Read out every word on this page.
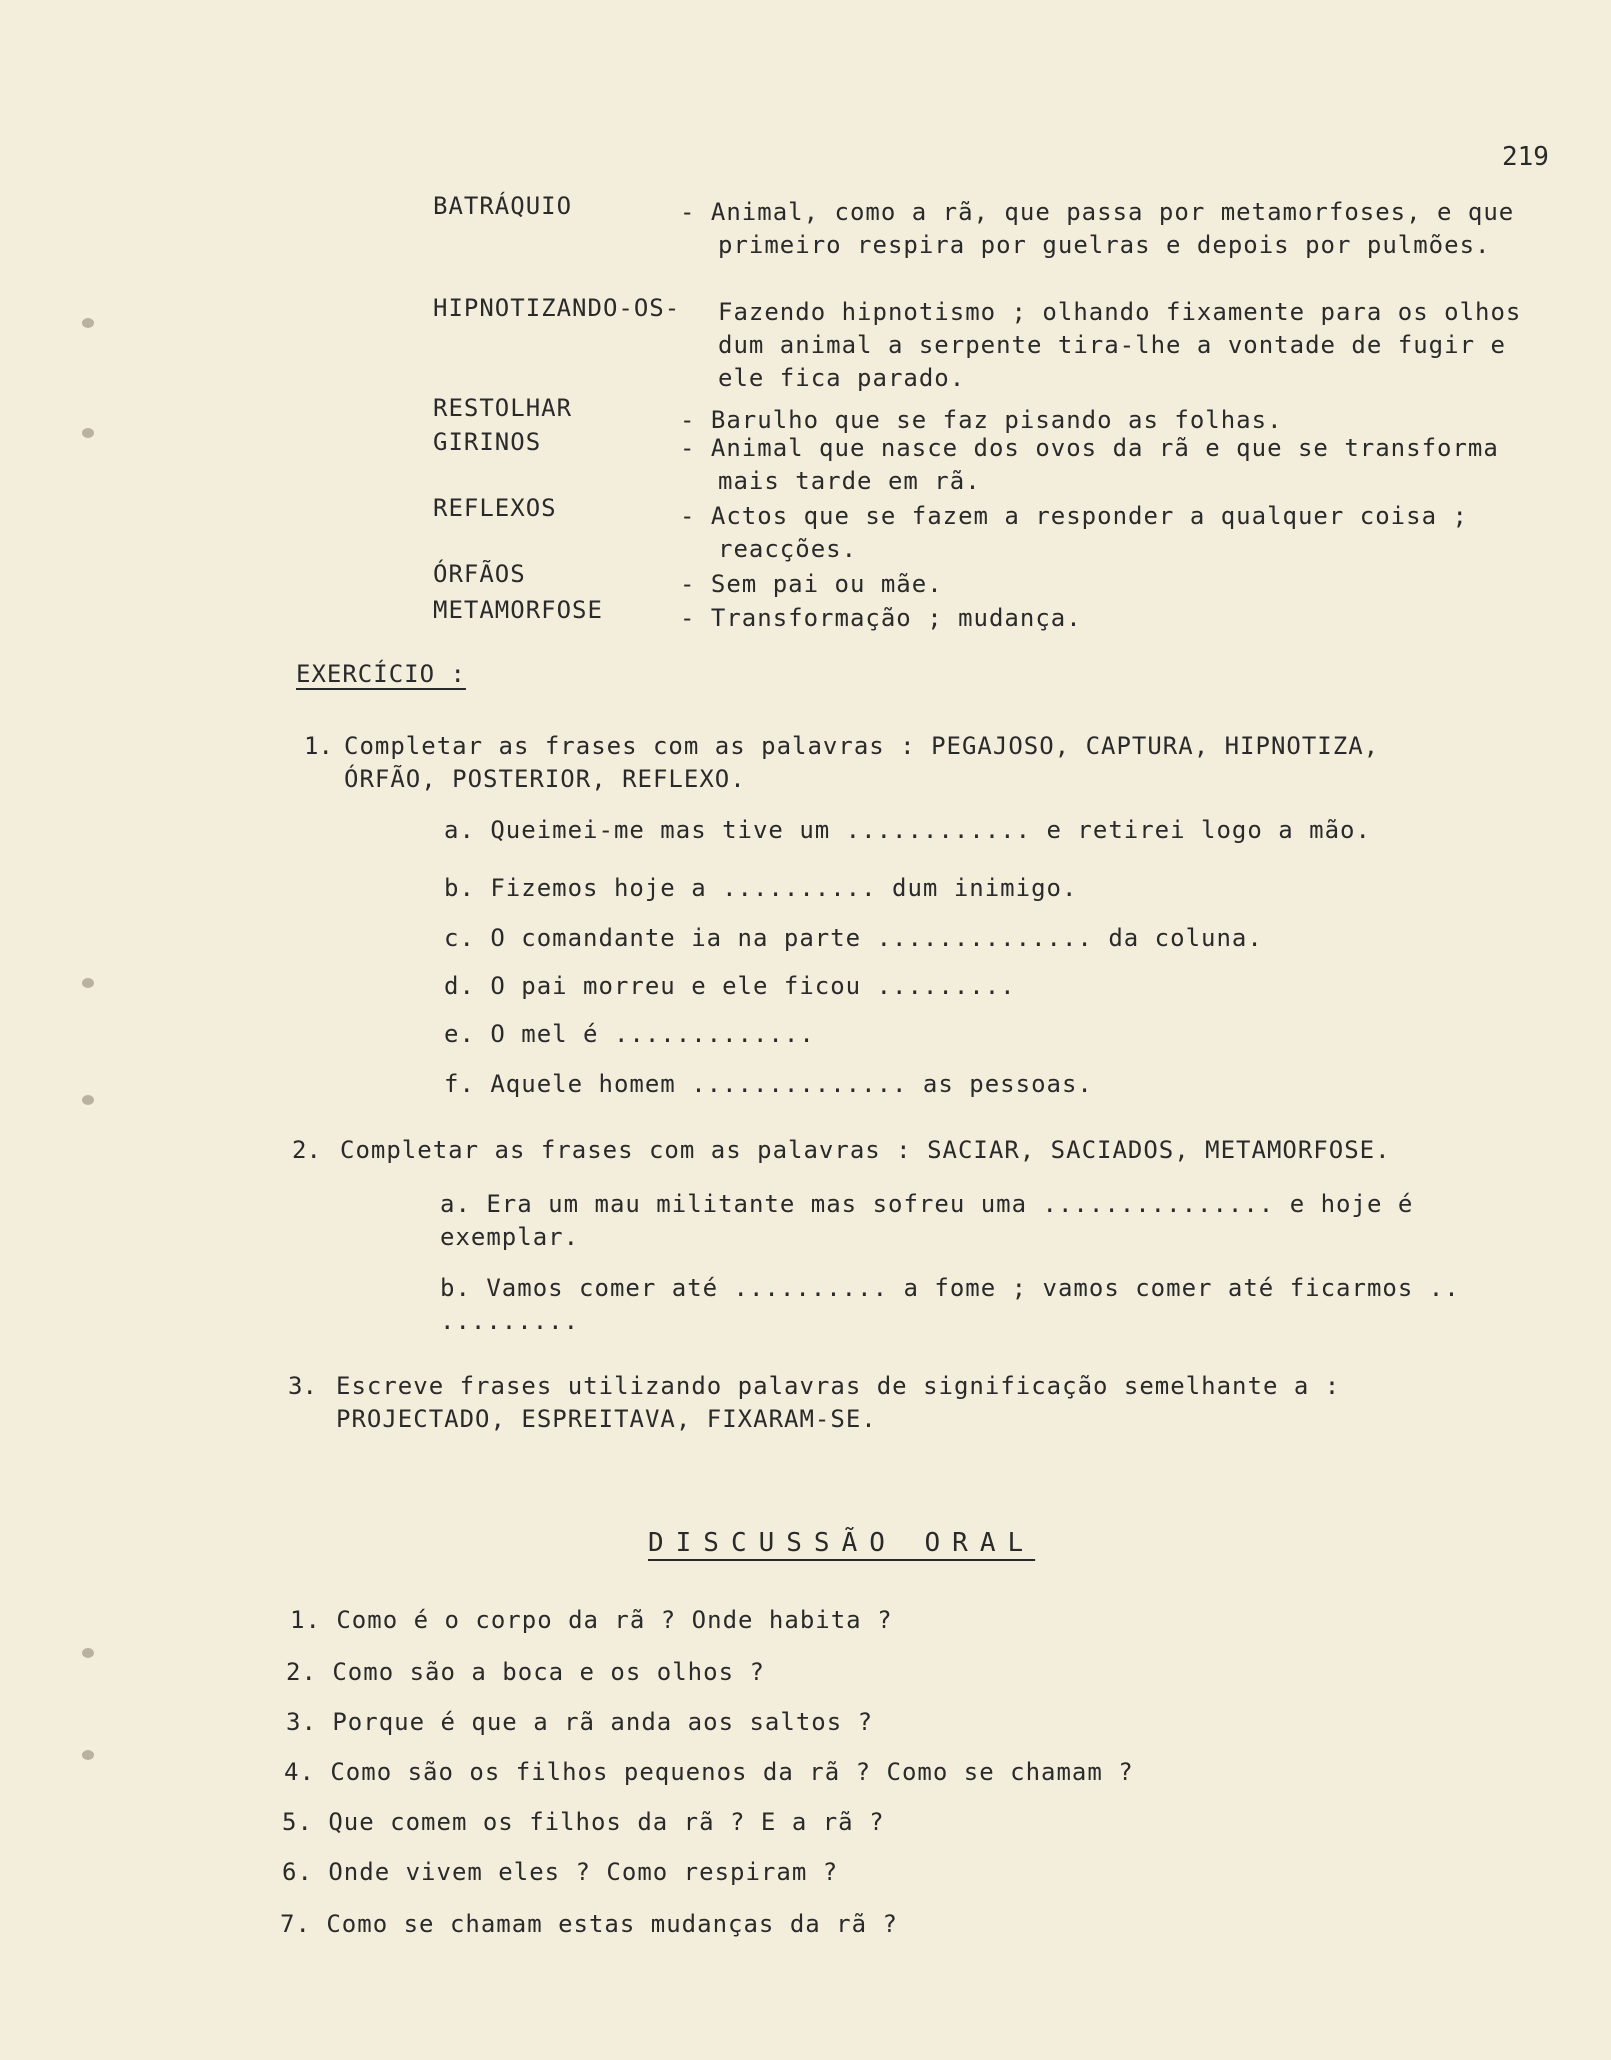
219
BATRÁQUIO	- Animal, como a rã, que passa por metamorfoses, e que primeiro respira por guelras e depois por pulmões.
HIPNOTIZANDO-OS- Fazendo hipnotismo ; olhando fixamente para os olhos dum animal a serpente tira-lhe a vontade de fugir e ele fica parado.
RESTOLHAR	- Barulho que se faz pisando as folhas.
GIRINOS	- Animal que nasce dos ovos da rã e que se transforma mais tarde em rã.
REFLEXOS	- Actos que se fazem a responder a qualquer coisa ; reacções.
ÓRFÃOS	- Sem pai ou mãe.
METAMORFOSE	- Transformação ; mudança.
EXERCÍCIO :
1. Completar as frases com as palavras : PEGAJOSO, CAPTURA, HIPNOTIZA, ÓRFÃO, POSTERIOR, REFLEXO.
a. Queimei-me mas tive um ............ e retirei logo a mão.
b. Fizemos hoje a .......... dum inimigo.
c. O comandante ia na parte .............. da coluna.
d. O pai morreu e ele ficou .........
e. O mel é .............
f. Aquele homem .............. as pessoas.
2. Completar as frases com as palavras : SACIAR, SACIADOS, METAMORFOSE.
a. Era um mau militante mas sofreu uma ............... e hoje é exemplar.
b. Vamos comer até .......... a fome ; vamos comer até ficarmos .. .........
3. Escreve frases utilizando palavras de significação semelhante a : PROJECTADO, ESPREITAVA, FIXARAM-SE.
DISCUSSÃO ORAL
1. Como é o corpo da rã ? Onde habita ?
2. Como são a boca e os olhos ?
3. Porque é que a rã anda aos saltos ?
4. Como são os filhos pequenos da rã ? Como se chamam ?
5. Que comem os filhos da rã ? E a rã ?
6. Onde vivem eles ? Como respiram ?
7. Como se chamam estas mudanças da rã ?
